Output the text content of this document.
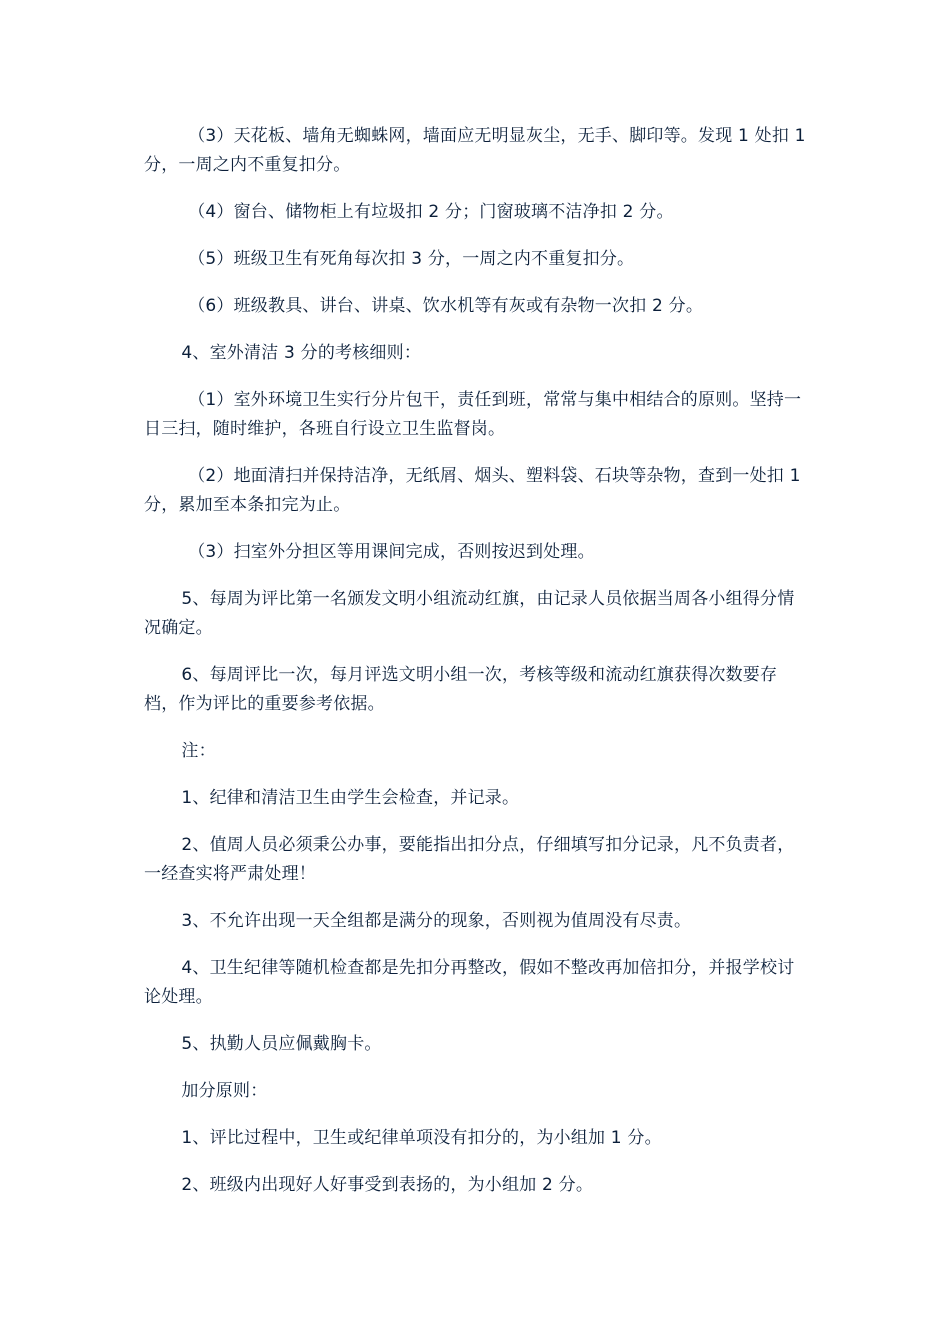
（3）天花板、墙角无蜘蛛网，墙面应无明显灰尘，无手、脚印等。发现 1 处扣 1 分，一周之内不重复扣分。

（4）窗台、储物柜上有垃圾扣 2 分；门窗玻璃不洁净扣 2 分。

（5）班级卫生有死角每次扣 3 分，一周之内不重复扣分。

（6）班级教具、讲台、讲桌、饮水机等有灰或有杂物一次扣 2 分。

4、室外清洁 3 分的考核细则：

（1）室外环境卫生实行分片包干，责任到班，常常与集中相结合的原则。坚持一日三扫，随时维护，各班自行设立卫生监督岗。

（2）地面清扫并保持洁净，无纸屑、烟头、塑料袋、石块等杂物，查到一处扣 1 分，累加至本条扣完为止。

（3）扫室外分担区等用课间完成，否则按迟到处理。

5、每周为评比第一名颁发文明小组流动红旗，由记录人员依据当周各小组得分情况确定。

6、每周评比一次，每月评选文明小组一次，考核等级和流动红旗获得次数要存档，作为评比的重要参考依据。

注：

1、纪律和清洁卫生由学生会检查，并记录。

2、值周人员必须秉公办事，要能指出扣分点，仔细填写扣分记录，凡不负责者，一经查实将严肃处理！

3、不允许出现一天全组都是满分的现象，否则视为值周没有尽责。

4、卫生纪律等随机检查都是先扣分再整改，假如不整改再加倍扣分，并报学校讨论处理。

5、执勤人员应佩戴胸卡。

加分原则：

1、评比过程中，卫生或纪律单项没有扣分的，为小组加 1 分。

2、班级内出现好人好事受到表扬的，为小组加 2 分。
